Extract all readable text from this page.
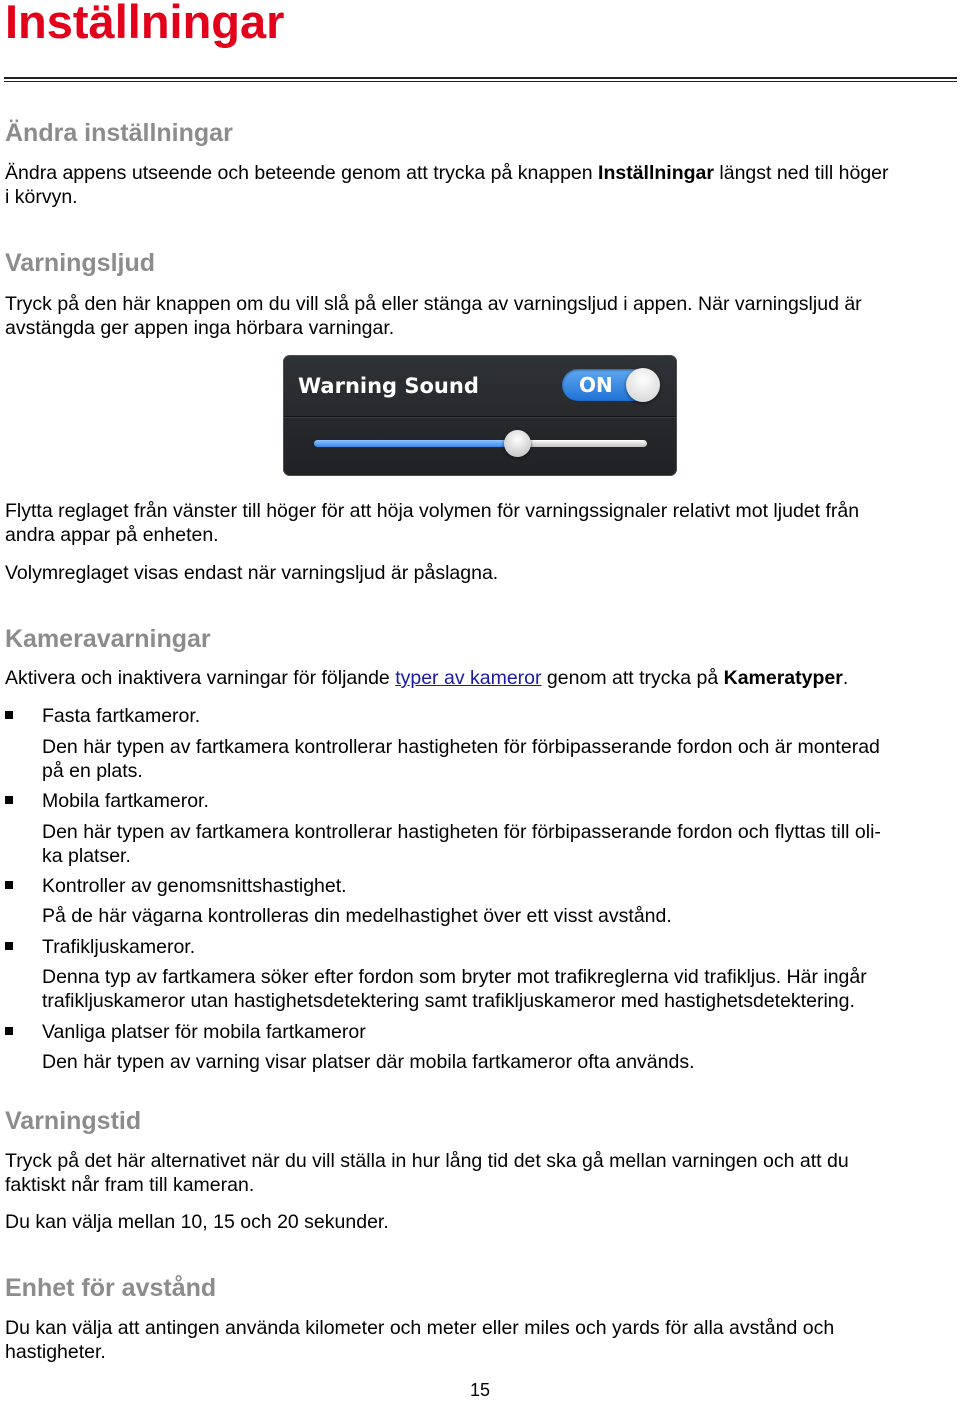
Inställningar
Ändra inställningar

Ändra appens utseende och beteende genom att trycka på knappen Inställningar längst ned till höger
i körvyn.

Varningsljud

Tryck på den här knappen om du vill slå på eller stänga av varningsljud i appen. När varningsljud är
avstängda ger appen inga hörbara varningar.

Warning Sound	ON

Flytta reglaget från vänster till höger för att höja volymen för varningssignaler relativt mot ljudet från
andra appar på enheten.

Volymreglaget visas endast när varningsljud är påslagna.

Kameravarningar

Aktivera och inaktivera varningar för följande typer av kameror genom att trycka på Kameratyper.

Fasta fartkameror.

Den här typen av fartkamera kontrollerar hastigheten för förbipasserande fordon och är monterad
på en plats.

Mobila fartkameror.

Den här typen av fartkamera kontrollerar hastigheten för förbipasserande fordon och flyttas till oli-
ka platser.

Kontroller av genomsnittshastighet.

På de här vägarna kontrolleras din medelhastighet över ett visst avstånd.

Trafikljuskameror.

Denna typ av fartkamera söker efter fordon som bryter mot trafikreglerna vid trafikljus. Här ingår
trafikljuskameror utan hastighetsdetektering samt trafikljuskameror med hastighetsdetektering.

Vanliga platser för mobila fartkameror

Den här typen av varning visar platser där mobila fartkameror ofta används.

Varningstid

Tryck på det här alternativet när du vill ställa in hur lång tid det ska gå mellan varningen och att du
faktiskt når fram till kameran.

Du kan välja mellan 10, 15 och 20 sekunder.

Enhet för avstånd

Du kan välja att antingen använda kilometer och meter eller miles och yards för alla avstånd och
hastigheter.

15
